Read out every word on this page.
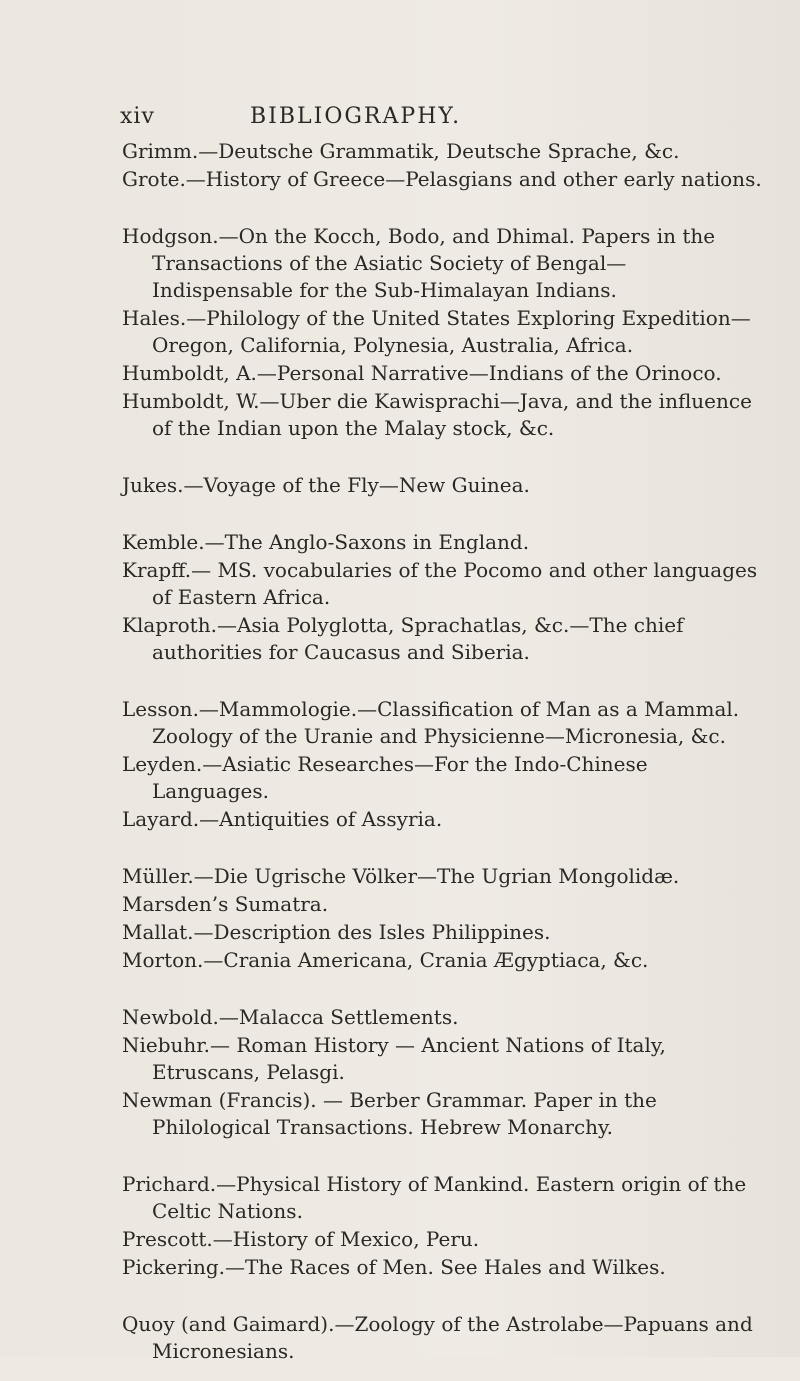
xiv	BIBLIOGRAPHY.
Grimm.—Deutsche Grammatik, Deutsche Sprache, &c.
Grote.—History of Greece—Pelasgians and other early nations.
Hodgson.—On the Kocch, Bodo, and Dhimal. Papers in the Transactions of the Asiatic Society of Bengal—Indispensable for the Sub-Himalayan Indians.
Hales.—Philology of the United States Exploring Expedition—Oregon, California, Polynesia, Australia, Africa.
Humboldt, A.—Personal Narrative—Indians of the Orinoco.
Humboldt, W.—Uber die Kawisprachi—Java, and the influence of the Indian upon the Malay stock, &c.
Jukes.—Voyage of the Fly—New Guinea.
Kemble.—The Anglo-Saxons in England.
Krapff.— MS. vocabularies of the Pocomo and other languages of Eastern Africa.
Klaproth.—Asia Polyglotta, Sprachatlas, &c.—The chief authorities for Caucasus and Siberia.
Lesson.—Mammologie.—Classification of Man as a Mammal. Zoology of the Uranie and Physicienne—Micronesia, &c.
Leyden.—Asiatic Researches—For the Indo-Chinese Languages.
Layard.—Antiquities of Assyria.
Müller.—Die Ugrische Völker—The Ugrian Mongolidæ.
Marsden’s Sumatra.
Mallat.—Description des Isles Philippines.
Morton.—Crania Americana, Crania Ægyptiaca, &c.
Newbold.—Malacca Settlements.
Niebuhr.— Roman History — Ancient Nations of Italy, Etruscans, Pelasgi.
Newman (Francis). — Berber Grammar. Paper in the Philological Transactions. Hebrew Monarchy.
Prichard.—Physical History of Mankind. Eastern origin of the Celtic Nations.
Prescott.—History of Mexico, Peru.
Pickering.—The Races of Men. See Hales and Wilkes.
Quoy (and Gaimard).—Zoology of the Astrolabe—Papuans and Micronesians.
